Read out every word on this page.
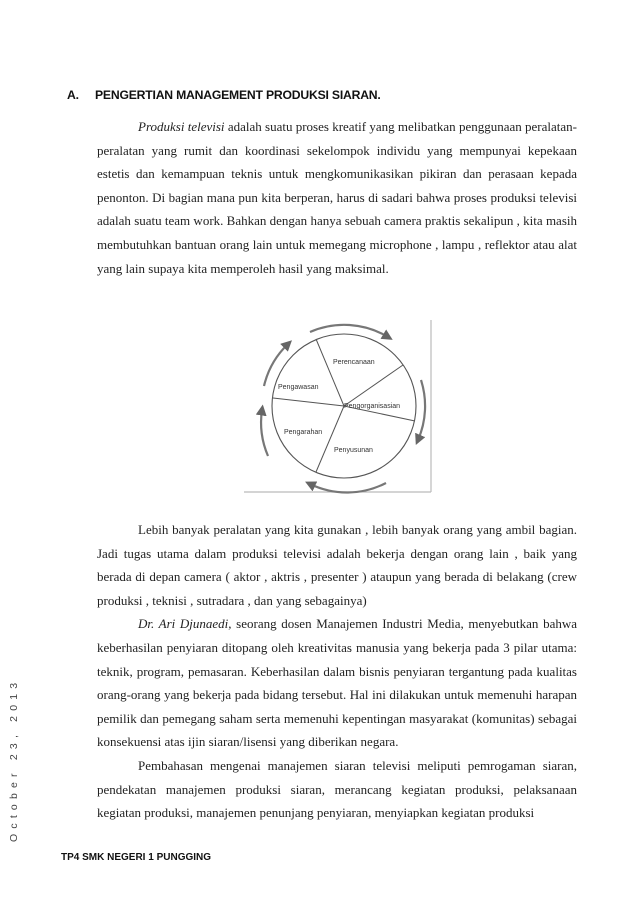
A. PENGERTIAN MANAGEMENT PRODUKSI SIARAN.

Produksi televisi adalah suatu proses kreatif yang melibatkan penggunaan peralatan-peralatan yang rumit dan koordinasi sekelompok individu yang mempunyai kepekaan estetis dan kemampuan teknis untuk mengkomunikasikan pikiran dan perasaan kepada penonton. Di bagian mana pun kita berperan, harus di sadari bahwa proses produksi televisi adalah suatu team work. Bahkan dengan hanya sebuah camera praktis sekalipun , kita masih membutuhkan bantuan orang lain untuk memegang microphone , lampu , reflektor atau alat yang lain supaya kita memperoleh hasil yang maksimal.

Perencanaan
Pengorganisasian
Penyusunan
Pengarahan
Pengawasan

Lebih banyak peralatan yang kita gunakan , lebih banyak orang yang ambil bagian. Jadi tugas utama dalam produksi televisi adalah bekerja dengan orang lain , baik yang berada di depan camera ( aktor , aktris , presenter ) ataupun yang berada di belakang (crew produksi , teknisi , sutradara , dan yang sebagainya)

Dr. Ari Djunaedi, seorang dosen Manajemen Industri Media, menyebutkan bahwa keberhasilan penyiaran ditopang oleh kreativitas manusia yang bekerja pada 3 pilar utama: teknik, program, pemasaran. Keberhasilan dalam bisnis penyiaran tergantung pada kualitas orang-orang yang bekerja pada bidang tersebut. Hal ini dilakukan untuk memenuhi harapan pemilik dan pemegang saham serta memenuhi kepentingan masyarakat (komunitas) sebagai konsekuensi atas ijin siaran/lisensi yang diberikan negara.

Pembahasan mengenai manajemen siaran televisi meliputi pemrogaman siaran, pendekatan manajemen produksi siaran, merancang kegiatan produksi, pelaksanaan kegiatan produksi, manajemen penunjang penyiaran, menyiapkan kegiatan produksi

October 23, 2013
TP4 SMK NEGERI 1 PUNGGING
